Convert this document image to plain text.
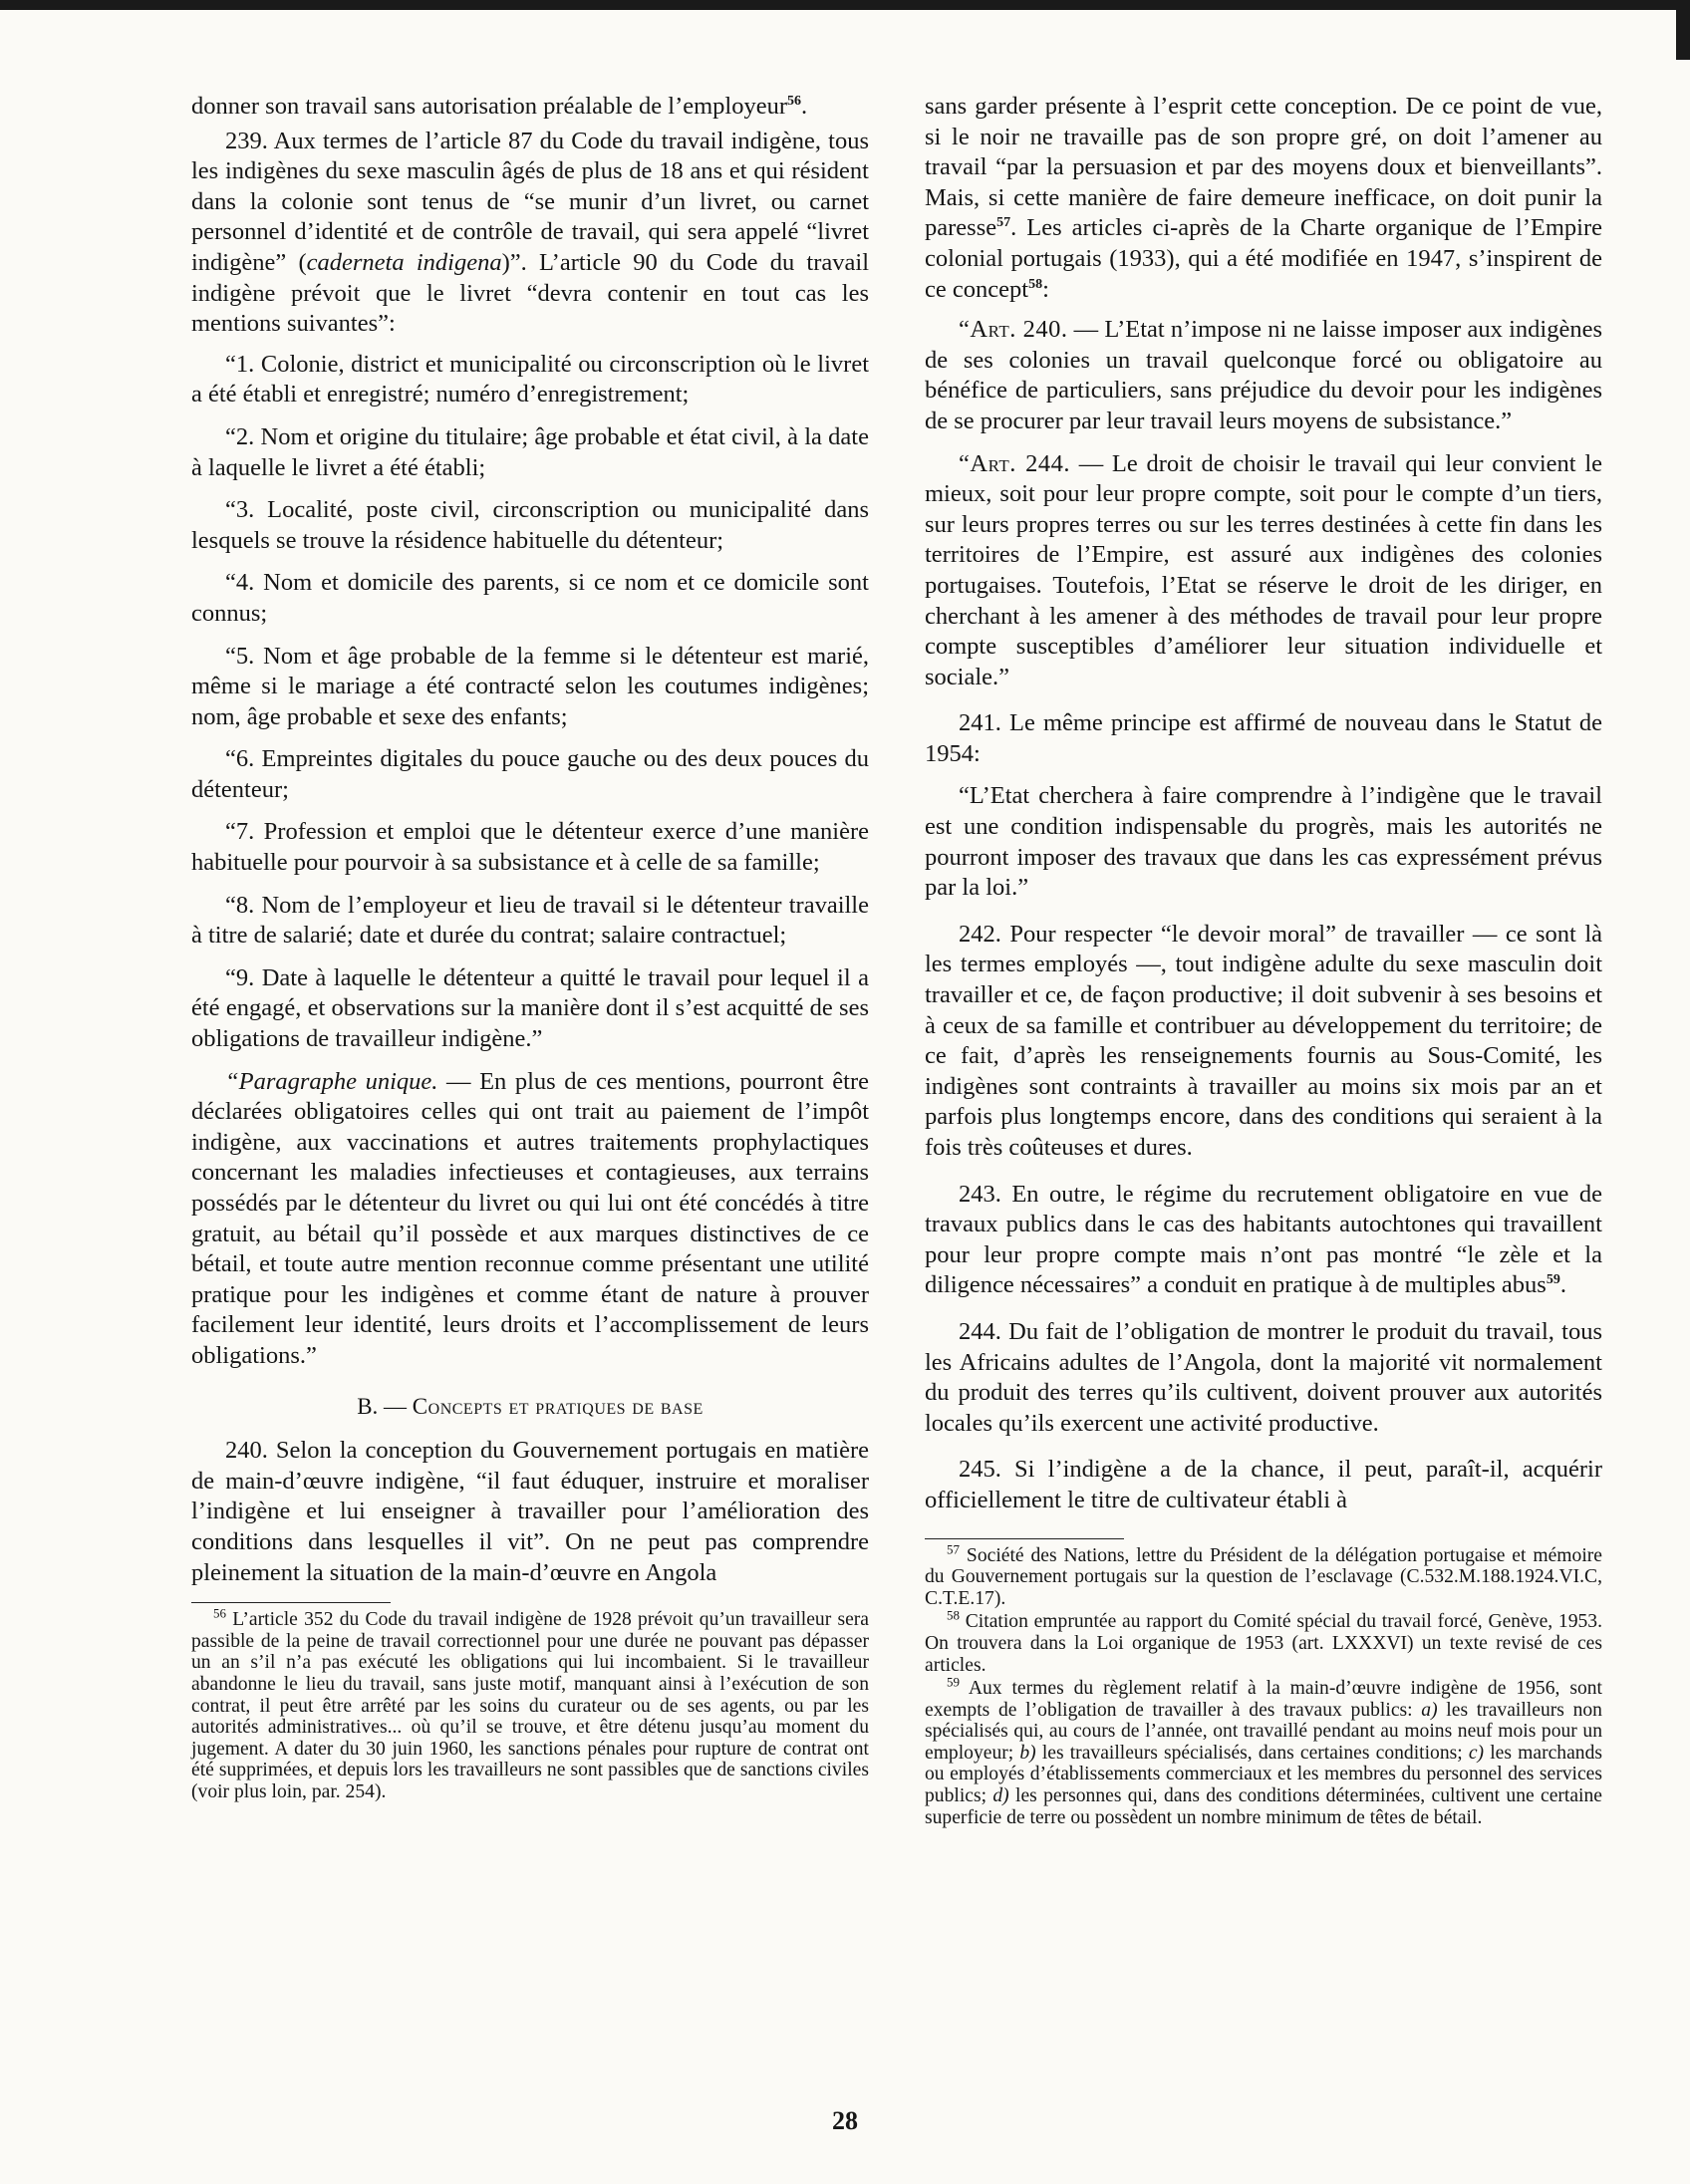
donner son travail sans autorisation préalable de l’employeur$^{56}$.

239. Aux termes de l’article 87 du Code du travail indigène, tous les indigènes du sexe masculin âgés de plus de 18 ans et qui résident dans la colonie sont tenus de “se munir d’un livret, ou carnet personnel d’identité et de contrôle de travail, qui sera appelé “livret indigène” (caderneta indigena)”. L’article 90 du Code du travail indigène prévoit que le livret “devra contenir en tout cas les mentions suivantes”:

“1. Colonie, district et municipalité ou circonscription où le livret a été établi et enregistré; numéro d’enregistrement;

“2. Nom et origine du titulaire; âge probable et état civil, à la date à laquelle le livret a été établi;

“3. Localité, poste civil, circonscription ou municipalité dans lesquels se trouve la résidence habituelle du détenteur;

“4. Nom et domicile des parents, si ce nom et ce domicile sont connus;

“5. Nom et âge probable de la femme si le détenteur est marié, même si le mariage a été contracté selon les coutumes indigènes; nom, âge probable et sexe des enfants;

“6. Empreintes digitales du pouce gauche ou des deux pouces du détenteur;

“7. Profession et emploi que le détenteur exerce d’une manière habituelle pour pourvoir à sa subsistance et à celle de sa famille;

“8. Nom de l’employeur et lieu de travail si le détenteur travaille à titre de salarié; date et durée du contrat; salaire contractuel;

“9. Date à laquelle le détenteur a quitté le travail pour lequel il a été engagé, et observations sur la manière dont il s’est acquitté de ses obligations de travailleur indigène.”

“Paragraphe unique. — En plus de ces mentions, pourront être déclarées obligatoires celles qui ont trait au paiement de l’impôt indigène, aux vaccinations et autres traitements prophylactiques concernant les maladies infectieuses et contagieuses, aux terrains possédés par le détenteur du livret ou qui lui ont été concédés à titre gratuit, au bétail qu’il possède et aux marques distinctives de ce bétail, et toute autre mention reconnue comme présentant une utilité pratique pour les indigènes et comme étant de nature à prouver facilement leur identité, leurs droits et l’accomplissement de leurs obligations.”

B. — Concepts et pratiques de base

240. Selon la conception du Gouvernement portugais en matière de main-d’œuvre indigène, “il faut éduquer, instruire et moraliser l’indigène et lui enseigner à travailler pour l’amélioration des conditions dans lesquelles il vit”. On ne peut pas comprendre pleinement la situation de la main-d’œuvre en Angola

$^{56}$ L’article 352 du Code du travail indigène de 1928 prévoit qu’un travailleur sera passible de la peine de travail correctionnel pour une durée ne pouvant pas dépasser un an s’il n’a pas exécuté les obligations qui lui incombaient. Si le travailleur abandonne le lieu du travail, sans juste motif, manquant ainsi à l’exécution de son contrat, il peut être arrêté par les soins du curateur ou de ses agents, ou par les autorités administratives... où qu’il se trouve, et être détenu jusqu’au moment du jugement. A dater du 30 juin 1960, les sanctions pénales pour rupture de contrat ont été supprimées, et depuis lors les travailleurs ne sont passibles que de sanctions civiles (voir plus loin, par. 254).

sans garder présente à l’esprit cette conception. De ce point de vue, si le noir ne travaille pas de son propre gré, on doit l’amener au travail “par la persuasion et par des moyens doux et bienveillants”. Mais, si cette manière de faire demeure inefficace, on doit punir la paresse$^{57}$. Les articles ci-après de la Charte organique de l’Empire colonial portugais (1933), qui a été modifiée en 1947, s’inspirent de ce concept$^{58}$:

“Art. 240. — L’Etat n’impose ni ne laisse imposer aux indigènes de ses colonies un travail quelconque forcé ou obligatoire au bénéfice de particuliers, sans préjudice du devoir pour les indigènes de se procurer par leur travail leurs moyens de subsistance.”

“Art. 244. — Le droit de choisir le travail qui leur convient le mieux, soit pour leur propre compte, soit pour le compte d’un tiers, sur leurs propres terres ou sur les terres destinées à cette fin dans les territoires de l’Empire, est assuré aux indigènes des colonies portugaises. Toutefois, l’Etat se réserve le droit de les diriger, en cherchant à les amener à des méthodes de travail pour leur propre compte susceptibles d’améliorer leur situation individuelle et sociale.”

241. Le même principe est affirmé de nouveau dans le Statut de 1954:

“L’Etat cherchera à faire comprendre à l’indigène que le travail est une condition indispensable du progrès, mais les autorités ne pourront imposer des travaux que dans les cas expressément prévus par la loi.”

242. Pour respecter “le devoir moral” de travailler — ce sont là les termes employés —, tout indigène adulte du sexe masculin doit travailler et ce, de façon productive; il doit subvenir à ses besoins et à ceux de sa famille et contribuer au développement du territoire; de ce fait, d’après les renseignements fournis au Sous-Comité, les indigènes sont contraints à travailler au moins six mois par an et parfois plus longtemps encore, dans des conditions qui seraient à la fois très coûteuses et dures.

243. En outre, le régime du recrutement obligatoire en vue de travaux publics dans le cas des habitants autochtones qui travaillent pour leur propre compte mais n’ont pas montré “le zèle et la diligence nécessaires” a conduit en pratique à de multiples abus$^{59}$.

244. Du fait de l’obligation de montrer le produit du travail, tous les Africains adultes de l’Angola, dont la majorité vit normalement du produit des terres qu’ils cultivent, doivent prouver aux autorités locales qu’ils exercent une activité productive.

245. Si l’indigène a de la chance, il peut, paraît-il, acquérir officiellement le titre de cultivateur établi à

$^{57}$ Société des Nations, lettre du Président de la délégation portugaise et mémoire du Gouvernement portugais sur la question de l’esclavage (C.532.M.188.1924.VI.C, C.T.E.17).

$^{58}$ Citation empruntée au rapport du Comité spécial du travail forcé, Genève, 1953. On trouvera dans la Loi organique de 1953 (art. LXXXVI) un texte revisé de ces articles.

$^{59}$ Aux termes du règlement relatif à la main-d’œuvre indigène de 1956, sont exempts de l’obligation de travailler à des travaux publics: a) les travailleurs non spécialisés qui, au cours de l’année, ont travaillé pendant au moins neuf mois pour un employeur; b) les travailleurs spécialisés, dans certaines conditions; c) les marchands ou employés d’établissements commerciaux et les membres du personnel des services publics; d) les personnes qui, dans des conditions déterminées, cultivent une certaine superficie de terre ou possèdent un nombre minimum de têtes de bétail.

28
